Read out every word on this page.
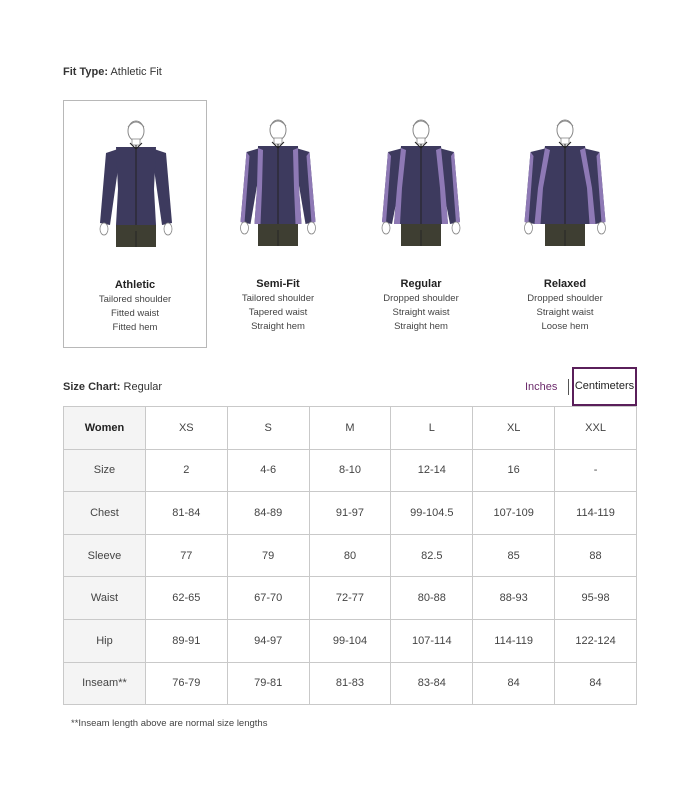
Fit Type: Athletic Fit
Athletic
Tailored shoulder
Fitted waist
Fitted hem
Semi-Fit
Tailored shoulder
Tapered waist
Straight hem
Regular
Dropped shoulder
Straight waist
Straight hem
Relaxed
Dropped shoulder
Straight waist
Loose hem
Size Chart: Regular	Inches Centimeters
Women	XS	S	M	L	XL	XXL
Size	2	4-6	8-10	12-14	16	-
Chest	81-84	84-89	91-97	99-104.5	107-109	114-119
Sleeve	77	79	80	82.5	85	88
Waist	62-65	67-70	72-77	80-88	88-93	95-98
Hip	89-91	94-97	99-104	107-114	114-119	122-124
Inseam**	76-79	79-81	81-83	83-84	84	84
**Inseam length above are normal size lengths
